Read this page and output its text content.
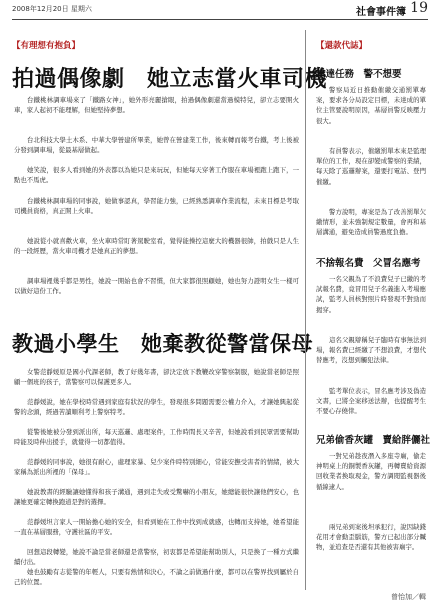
2008年12月20日 星期六	社會事件簿 19
【有理想有抱負】
拍過偶像劇　她立志當火車司機

台鐵桃林調車場來了「鐵路女神」，她外形亮麗搶眼，拍過偶像劇還當過模特兒，卻立志要開火車，家人起初不能理解，但她堅持夢想。

台北科技大學土木系、中華大學營建所畢業，她曾在營建業工作，後來轉而報考台鐵，考上後被分發到調車場，從最基層做起。

她笑說，很多人看到她的外表都以為她只是來玩玩，但她每天穿著工作服在車場裡跑上跑下，一點也不馬虎。

台鐵桃林調車場的同事說，她做事認真，學習能力強，已經熟悉調車作業流程，未來目標是考取司機員資格，真正開上火車。

她說從小就喜歡火車，坐火車時常盯著駕駛室看，覺得能操控這麼大的機器很帥，拍戲只是人生的一段經歷，當火車司機才是她真正的夢想。

調車場裡幾乎都是男性，她說一開始也會不習慣，但大家都很照顧她，她也努力證明女生一樣可以做好這份工作。

教過小學生　她棄教從警當保母

女警范靜媛原是國小代課老師，教了好幾年書，卻決定放下教鞭改穿警察制服，她說當老師是照顧一個班的孩子，當警察可以保護更多人。

范靜媛說，她在學校時常遇到家庭有狀況的學生，發現很多問題需要公權力介入，才讓她興起從警的念頭，經過苦讀順利考上警察特考。

從警後她被分發到派出所，每天巡邏、處理案件，工作時間長又辛苦，但她說看到民眾需要幫助時能及時伸出援手，就覺得一切都值得。

范靜媛的同事說，她很有耐心，處理家暴、兒少案件時特別細心，常能安撫受害者的情緒，被大家稱為派出所裡的「保母」。

她說教書的經驗讓她懂得和孩子溝通，遇到走失或受驚嚇的小朋友，她總能很快讓他們安心，也讓她更確定轉換跑道是對的選擇。

范靜媛坦言家人一開始擔心她的安全，但看到她在工作中找到成就感，也轉而支持她，她希望能一直在基層服務，守護社區的平安。

回想這段轉變，她說不論是當老師還是當警察，初衷都是希望能幫助別人，只是換了一種方式繼續付出。

她也鼓勵有志從警的年輕人，只要有熱情和決心，不論之前做過什麼，都可以在警界找到屬於自己的位置。

【還款代誌】
未達任務　警不想要

警察局近日推動催繳交通罰單專案，要求各分局設定目標，未達成的單位主管要說明原因，基層員警反映壓力很大。

有員警表示，催繳罰單本來是監理單位的工作，現在卻變成警察的業績，每天除了巡邏辦案，還要打電話、登門催繳。

警方說明，專案是為了改善罰單欠繳情形，並未強制規定數量，會再和基層溝通，避免造成員警過度負擔。

不捨報名費　父冒名應考

一名父親為了不浪費兒子已繳的考試報名費，竟冒用兒子名義進入考場應試，監考人員核對照片時發現不對勁而揭穿。

這名父親辯稱兒子臨時有事無法到場，報名費已經繳了不想浪費，才想代替應考，沒想到觸犯法律。

監考單位表示，冒名應考涉及偽造文書，已將全案移送法辦，也提醒考生不要心存僥倖。

兄弟偷香灰罐　賣給胖儷社

一對兄弟趁夜潛入多座寺廟，偷走神明桌上的銅製香灰罐，再轉賣給資源回收業者換取現金，警方調閱監視器後循線逮人。

兩兄弟到案後坦承犯行，說因缺錢花用才會動歪腦筋，警方已起出部分贓物，並追查是否還有其他被害廟宇。

曾怡加／輯
